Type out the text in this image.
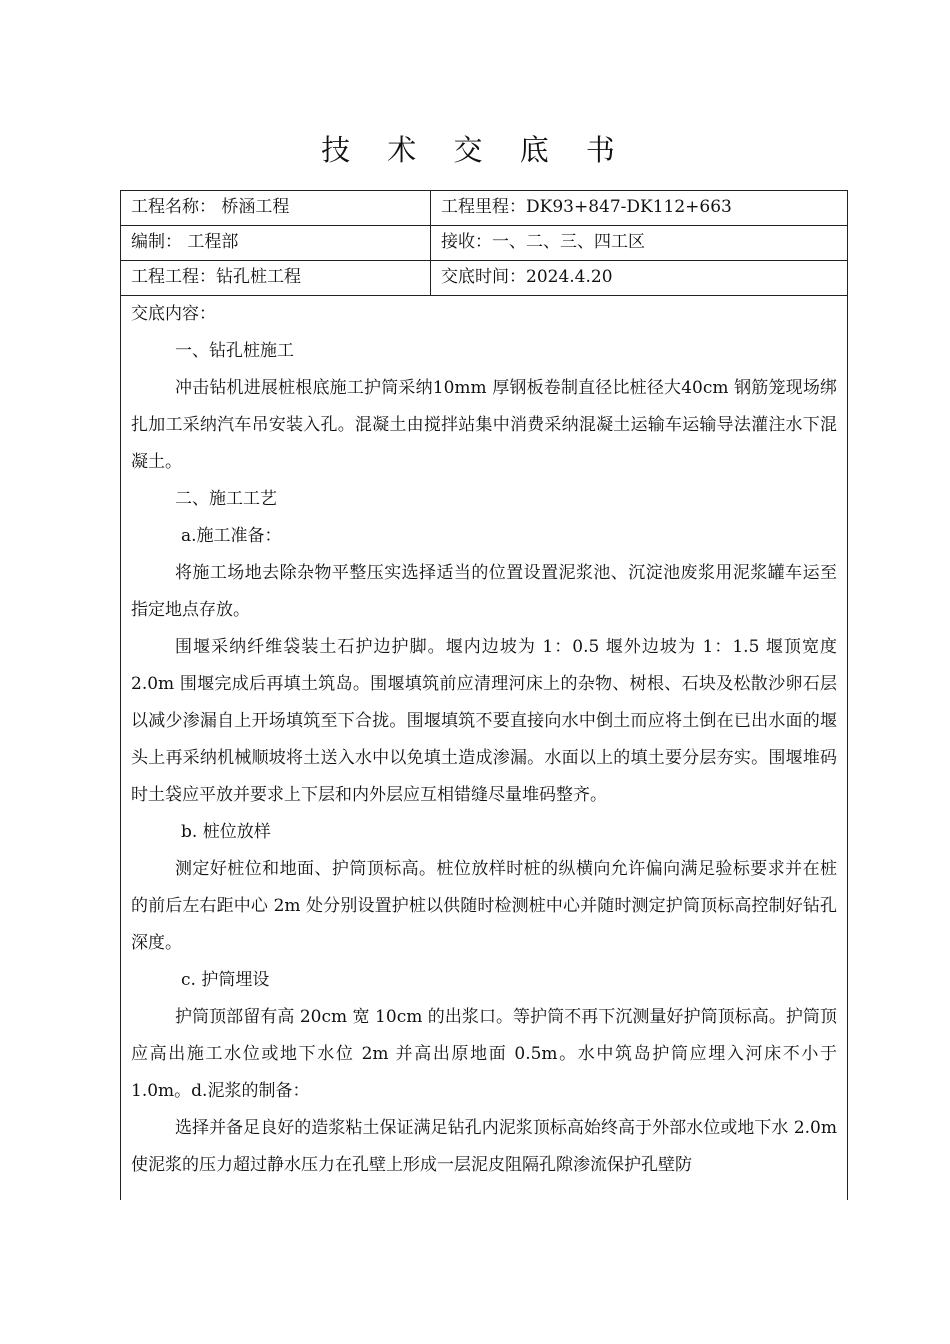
技 术 交 底 书
工程名称： 桥涵工程	工程里程：DK93+847-DK112+663
编制： 工程部	接收：一、二、三、四工区
工程工程：钻孔桩工程	交底时间：2024.4.20

交底内容：

一、钻孔桩施工

冲击钻机进展桩根底施工护筒采纳10mm 厚钢板卷制直径比桩径大40cm 钢筋笼现场绑扎加工采纳汽车吊安装入孔。混凝土由搅拌站集中消费采纳混凝土运输车运输导法灌注水下混凝土。

二、施工工艺

a.施工准备：

将施工场地去除杂物平整压实选择适当的位置设置泥浆池、沉淀池废浆用泥浆罐车运至指定地点存放。

围堰采纳纤维袋装土石护边护脚。堰内边坡为 1：0.5 堰外边坡为 1：1.5 堰顶宽度 2.0m 围堰完成后再填土筑岛。围堰填筑前应清理河床上的杂物、树根、石块及松散沙卵石层以减少渗漏自上开场填筑至下合拢。围堰填筑不要直接向水中倒土而应将土倒在已出水面的堰头上再采纳机械顺坡将土送入水中以免填土造成渗漏。水面以上的填土要分层夯实。围堰堆码时土袋应平放并要求上下层和内外层应互相错缝尽量堆码整齐。

b. 桩位放样

测定好桩位和地面、护筒顶标高。桩位放样时桩的纵横向允许偏向满足验标要求并在桩的前后左右距中心 2m 处分别设置护桩以供随时检测桩中心并随时测定护筒顶标高控制好钻孔深度。

c. 护筒埋设

护筒顶部留有高 20cm 宽 10cm 的出浆口。等护筒不再下沉测量好护筒顶标高。护筒顶应高出施工水位或地下水位 2m 并高出原地面 0.5m。水中筑岛护筒应埋入河床不小于 1.0m。d.泥浆的制备：

选择并备足良好的造浆粘土保证满足钻孔内泥浆顶标高始终高于外部水位或地下水 2.0m 使泥浆的压力超过静水压力在孔壁上形成一层泥皮阻隔孔隙渗流保护孔壁防
